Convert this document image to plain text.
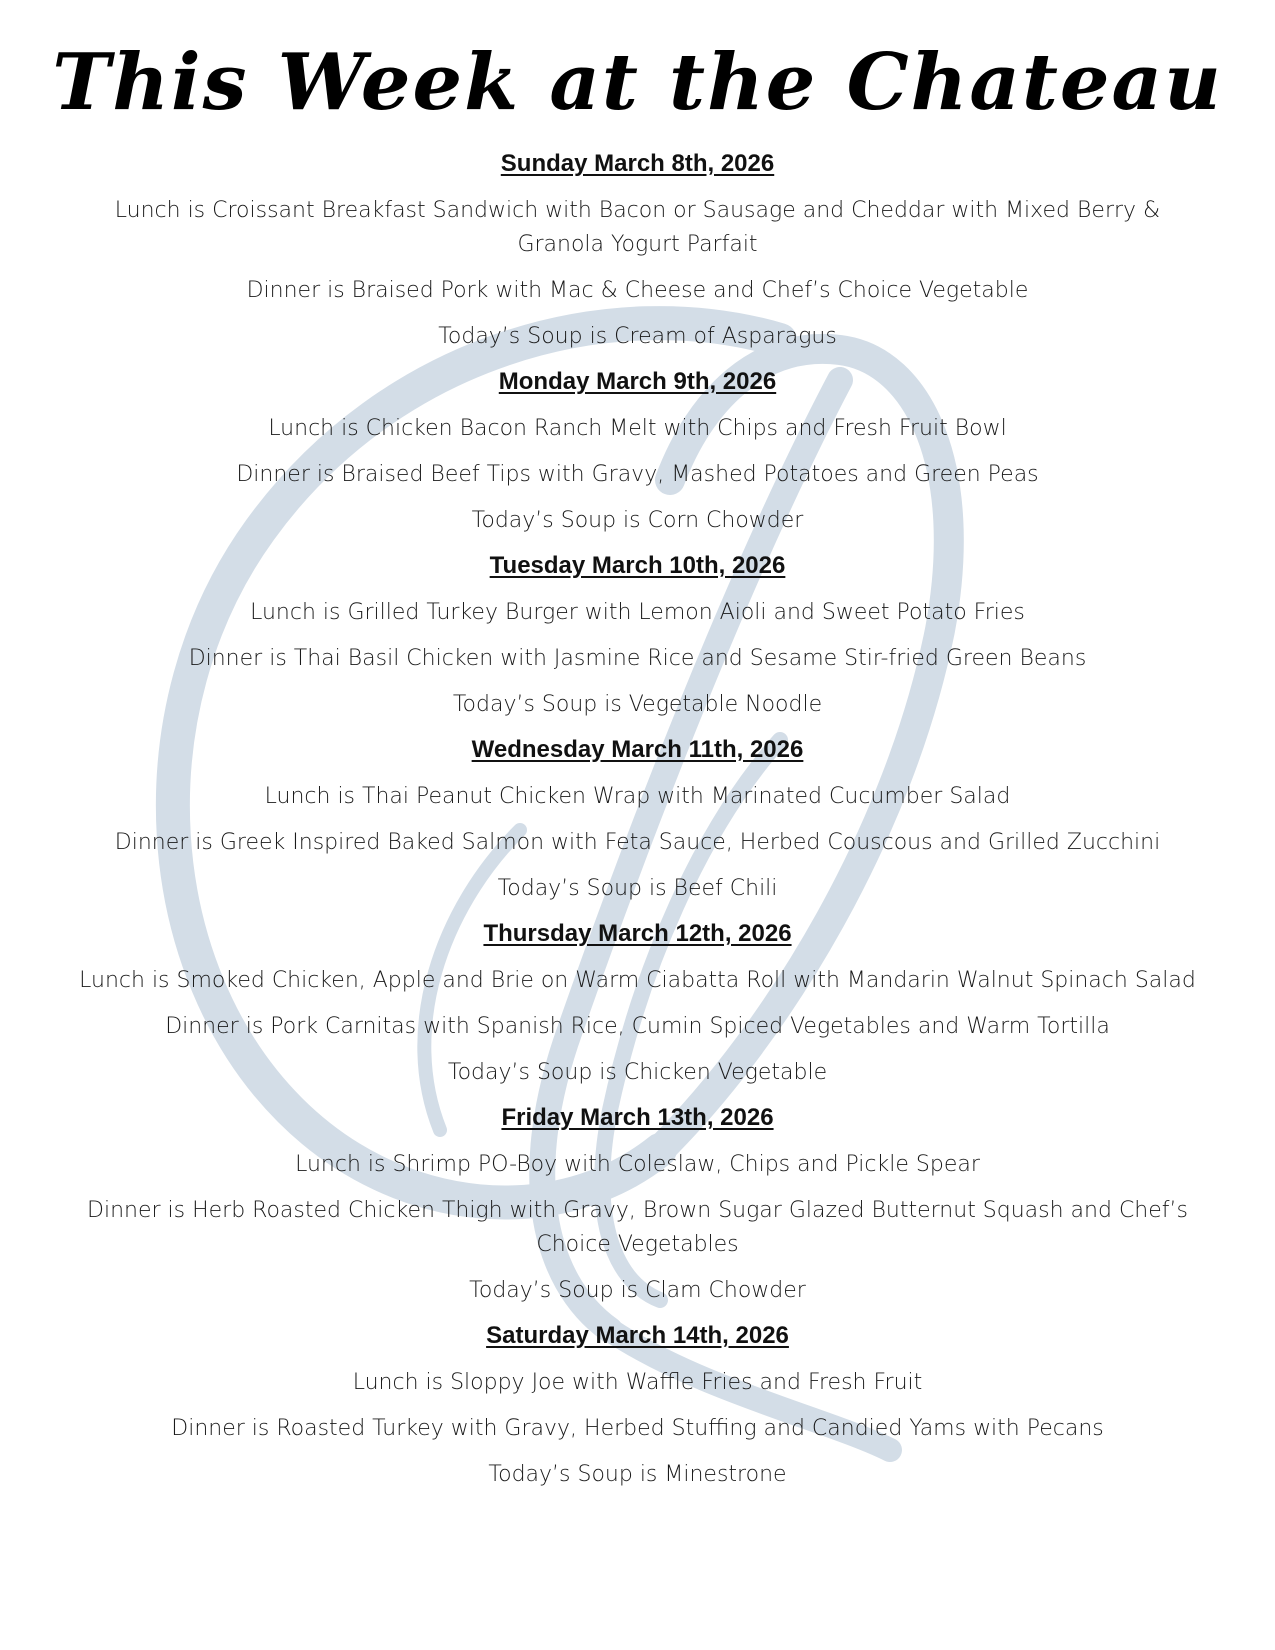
This Week at the Chateau
Sunday March 8th, 2026
Lunch is Croissant Breakfast Sandwich with Bacon or Sausage and Cheddar with Mixed Berry & Granola Yogurt Parfait
Dinner is Braised Pork with Mac & Cheese and Chef’s Choice Vegetable
Today’s Soup is Cream of Asparagus
Monday March 9th, 2026
Lunch is Chicken Bacon Ranch Melt with Chips and Fresh Fruit Bowl
Dinner is Braised Beef Tips with Gravy, Mashed Potatoes and Green Peas
Today’s Soup is Corn Chowder
Tuesday March 10th, 2026
Lunch is Grilled Turkey Burger with Lemon Aioli and Sweet Potato Fries
Dinner is Thai Basil Chicken with Jasmine Rice and Sesame Stir-fried Green Beans
Today’s Soup is Vegetable Noodle
Wednesday March 11th, 2026
Lunch is Thai Peanut Chicken Wrap with Marinated Cucumber Salad
Dinner is Greek Inspired Baked Salmon with Feta Sauce, Herbed Couscous and Grilled Zucchini
Today’s Soup is Beef Chili
Thursday March 12th, 2026
Lunch is Smoked Chicken, Apple and Brie on Warm Ciabatta Roll with Mandarin Walnut Spinach Salad
Dinner is Pork Carnitas with Spanish Rice, Cumin Spiced Vegetables and Warm Tortilla
Today’s Soup is Chicken Vegetable
Friday March 13th, 2026
Lunch is Shrimp PO-Boy with Coleslaw, Chips and Pickle Spear
Dinner is Herb Roasted Chicken Thigh with Gravy, Brown Sugar Glazed Butternut Squash and Chef’s Choice Vegetables
Today’s Soup is Clam Chowder
Saturday March 14th, 2026
Lunch is Sloppy Joe with Waffle Fries and Fresh Fruit
Dinner is Roasted Turkey with Gravy, Herbed Stuffing and Candied Yams with Pecans
Today’s Soup is Minestrone
